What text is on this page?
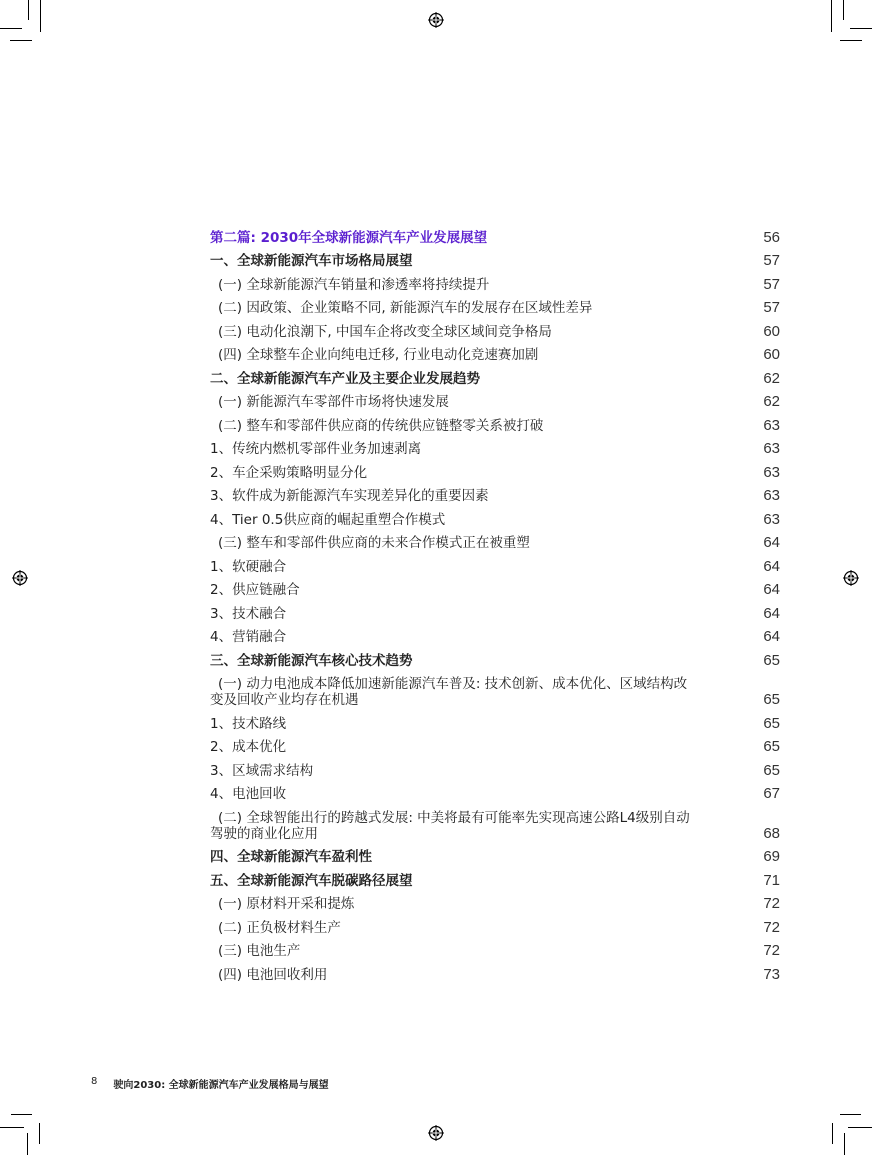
第二篇: 2030年全球新能源汽车产业发展展望	56
一、全球新能源汽车市场格局展望	57
(一) 全球新能源汽车销量和渗透率将持续提升	57
(二) 因政策、企业策略不同, 新能源汽车的发展存在区域性差异	57
(三) 电动化浪潮下, 中国车企将改变全球区域间竞争格局	60
(四) 全球整车企业向纯电迁移, 行业电动化竞速赛加剧	60
二、全球新能源汽车产业及主要企业发展趋势	62
(一) 新能源汽车零部件市场将快速发展	62
(二) 整车和零部件供应商的传统供应链整零关系被打破	63
1、传统内燃机零部件业务加速剥离	63
2、车企采购策略明显分化	63
3、软件成为新能源汽车实现差异化的重要因素	63
4、Tier 0.5供应商的崛起重塑合作模式	63
(三) 整车和零部件供应商的未来合作模式正在被重塑	64
1、软硬融合	64
2、供应链融合	64
3、技术融合	64
4、营销融合	64
三、全球新能源汽车核心技术趋势	65
(一) 动力电池成本降低加速新能源汽车普及: 技术创新、成本优化、区域结构改变及回收产业均存在机遇	65
1、技术路线	65
2、成本优化	65
3、区域需求结构	65
4、电池回收	67
(二) 全球智能出行的跨越式发展: 中美将最有可能率先实现高速公路L4级别自动驾驶的商业化应用	68
四、全球新能源汽车盈利性	69
五、全球新能源汽车脱碳路径展望	71
(一) 原材料开采和提炼	72
(二) 正负极材料生产	72
(三) 电池生产	72
(四) 电池回收利用	73
8 驶向2030: 全球新能源汽车产业发展格局与展望
